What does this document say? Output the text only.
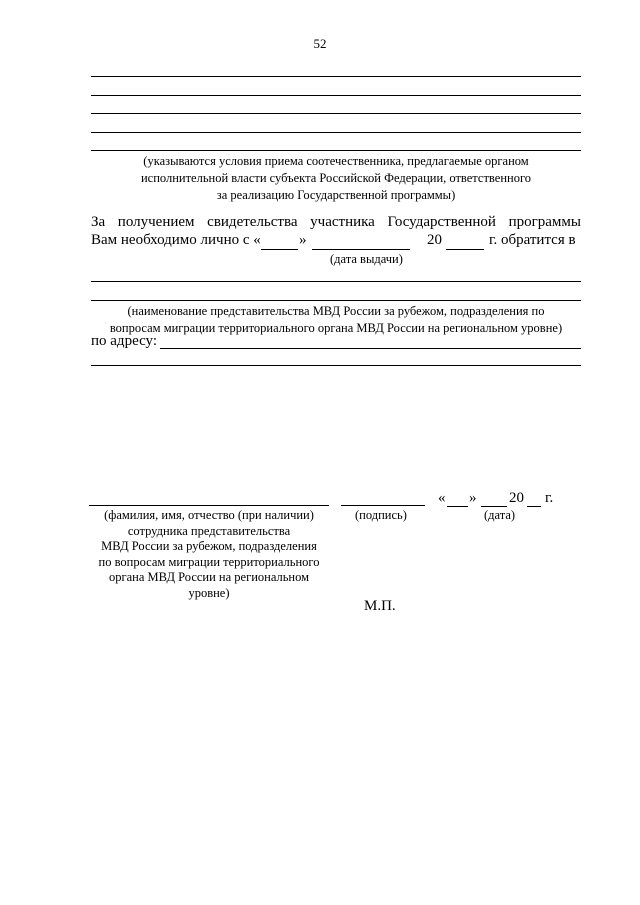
52
(указываются условия приема соотечественника, предлагаемые органом
исполнительной власти субъекта Российской Федерации, ответственного
за реализацию Государственной программы)
За получением свидетельства участника Государственной программы
Вам необходимо лично с «	»	20	г. обратится в
(дата выдачи)
(наименование представительства МВД России за рубежом, подразделения по
вопросам миграции территориального органа МВД России на региональном уровне)
по адресу:
« » 20 г.
(фамилия, имя, отчество (при наличии)
сотрудника представительства
МВД России за рубежом, подразделения
по вопросам миграции территориального
органа МВД России на региональном
уровне)
(подпись)	(дата)
М.П.
